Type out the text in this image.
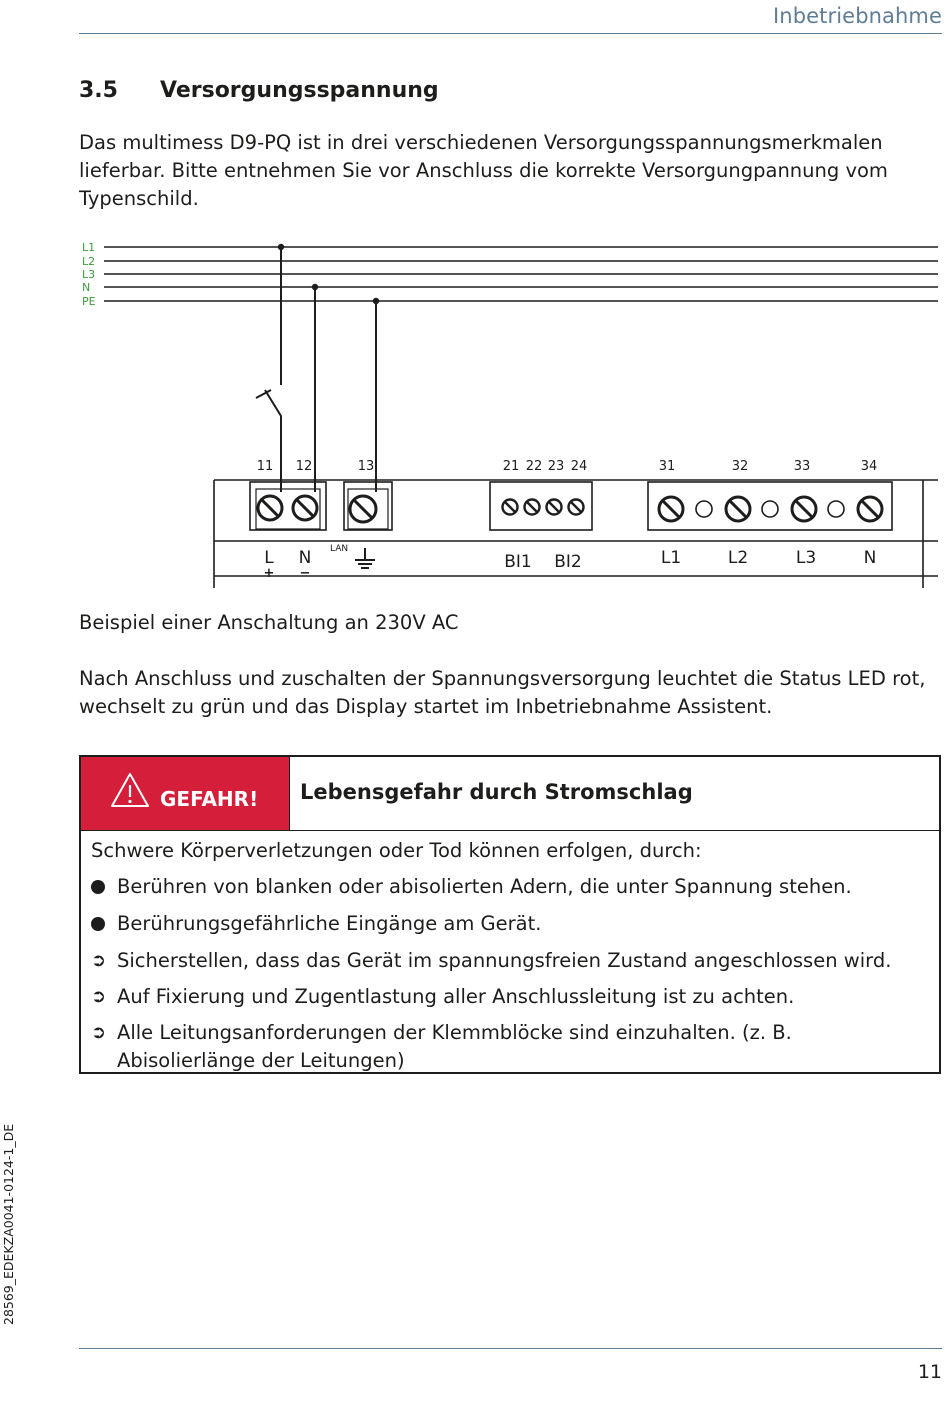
Inbetriebnahme
3.5 Versorgungsspannung

Das multimess D9-PQ ist in drei verschiedenen Versorgungsspannungsmerkmalen lieferbar. Bitte entnehmen Sie vor Anschluss die korrekte Versorgungpannung vom Typenschild.

L1
L2
L3
N
PE
11 12	13	21 22 23 24	31	32	33	34
L N	BI1 BI2	L1	L2	L3	N
LAN
+ −

Beispiel einer Anschaltung an 230V AC

Nach Anschluss und zuschalten der Spannungsversorgung leuchtet die Status LED rot, wechselt zu grün und das Display startet im Inbetriebnahme Assistent.

GEFAHR! Lebensgefahr durch Stromschlag

Schwere Körperverletzungen oder Tod können erfolgen, durch:

Berühren von blanken oder abisolierten Adern, die unter Spannung stehen.
Berührungsgefährliche Eingänge am Gerät.
➲ Sicherstellen, dass das Gerät im spannungsfreien Zustand angeschlossen wird.
➲ Auf Fixierung und Zugentlastung aller Anschlussleitung ist zu achten.
➲ Alle Leitungsanforderungen der Klemmblöcke sind einzuhalten. (z. B. Abisolierlänge der Leitungen)
28569_EDEKZA0041-0124-1_DE
11
